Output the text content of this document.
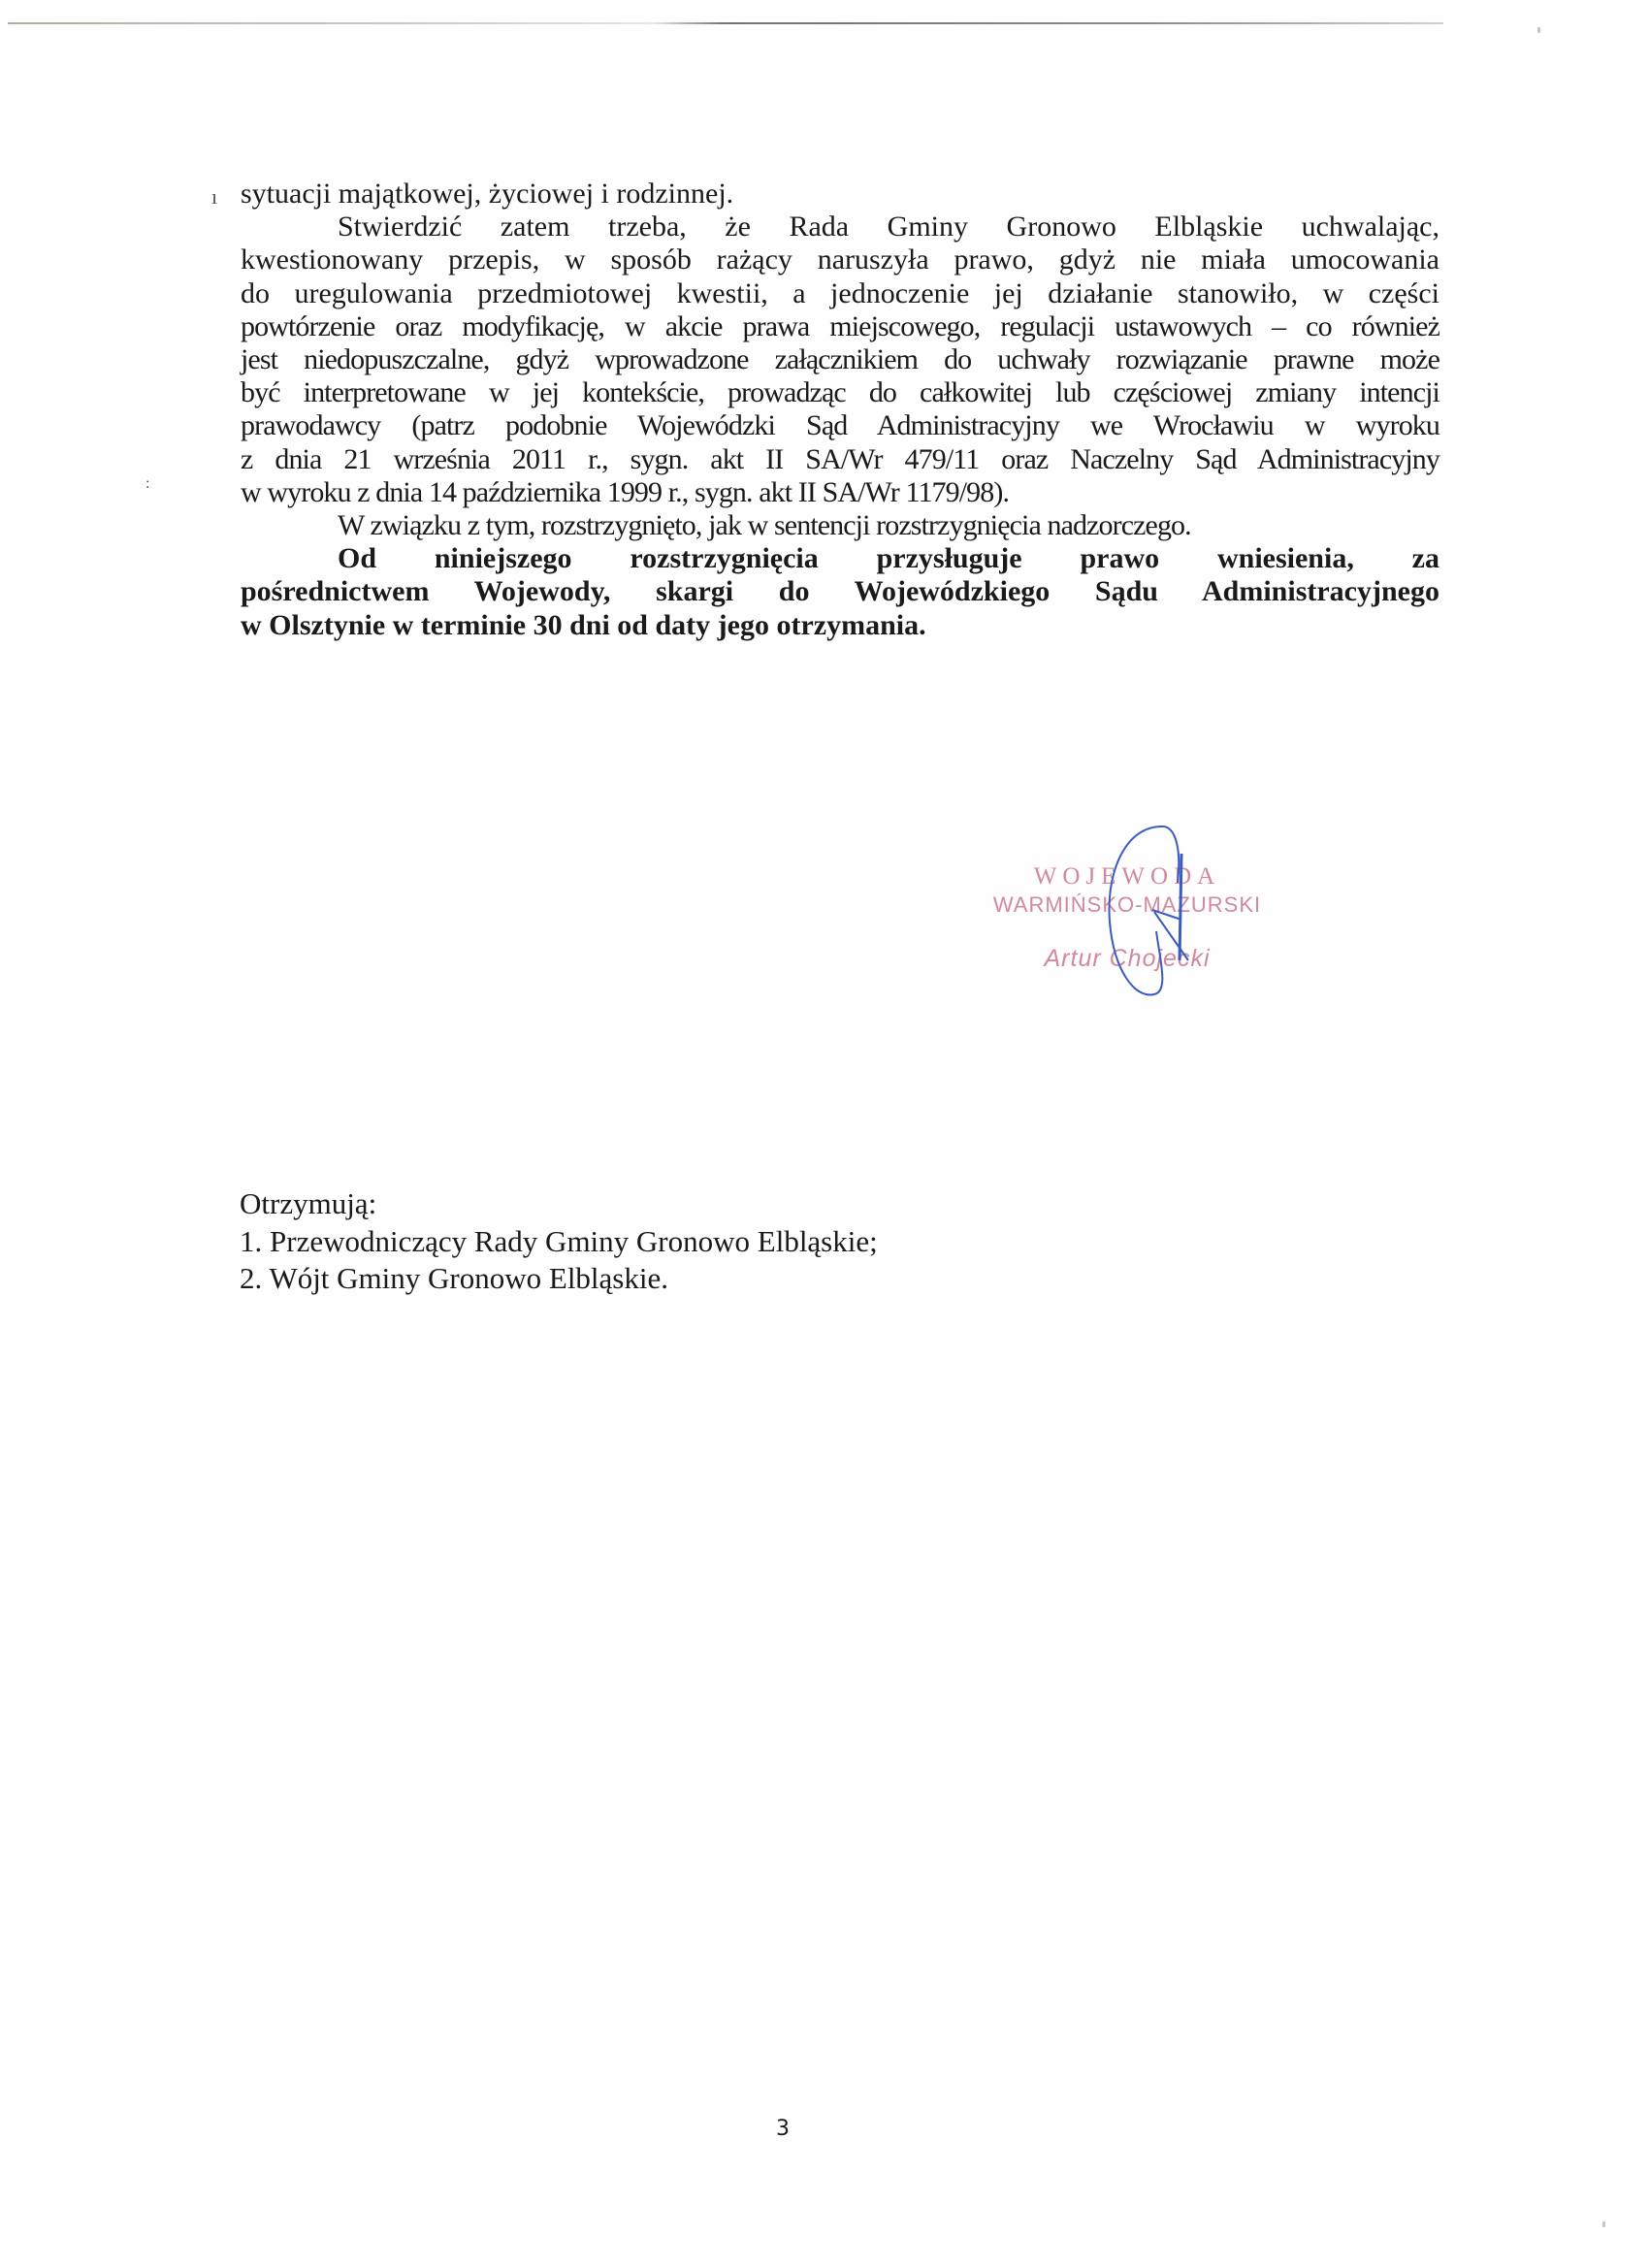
ı
:

sytuacji majątkowej, życiowej i rodzinnej.

Stwierdzić zatem trzeba, że Rada Gminy Gronowo Elbląskie uchwalając,
kwestionowany przepis, w sposób rażący naruszyła prawo, gdyż nie miała umocowania
do uregulowania przedmiotowej kwestii, a jednoczenie jej działanie stanowiło, w części
powtórzenie oraz modyfikację, w akcie prawa miejscowego, regulacji ustawowych – co również
jest niedopuszczalne, gdyż wprowadzone załącznikiem do uchwały rozwiązanie prawne może
być interpretowane w jej kontekście, prowadząc do całkowitej lub częściowej zmiany intencji
prawodawcy (patrz podobnie Wojewódzki Sąd Administracyjny we Wrocławiu w wyroku
z dnia 21 września 2011 r., sygn. akt II SA/Wr 479/11 oraz Naczelny Sąd Administracyjny
w wyroku z dnia 14 października 1999 r., sygn. akt II SA/Wr 1179/98).

W związku z tym, rozstrzygnięto, jak w sentencji rozstrzygnięcia nadzorczego.

Od niniejszego rozstrzygnięcia przysługuje prawo wniesienia, za
pośrednictwem Wojewody, skargi do Wojewódzkiego Sądu Administracyjnego
w Olsztynie w terminie 30 dni od daty jego otrzymania.

WOJEWODA
WARMIŃSKO-MAZURSKI
Artur Chojecki
Otrzymują:
1. Przewodniczący Rady Gminy Gronowo Elbląskie;
2. Wójt Gminy Gronowo Elbląskie.
3
